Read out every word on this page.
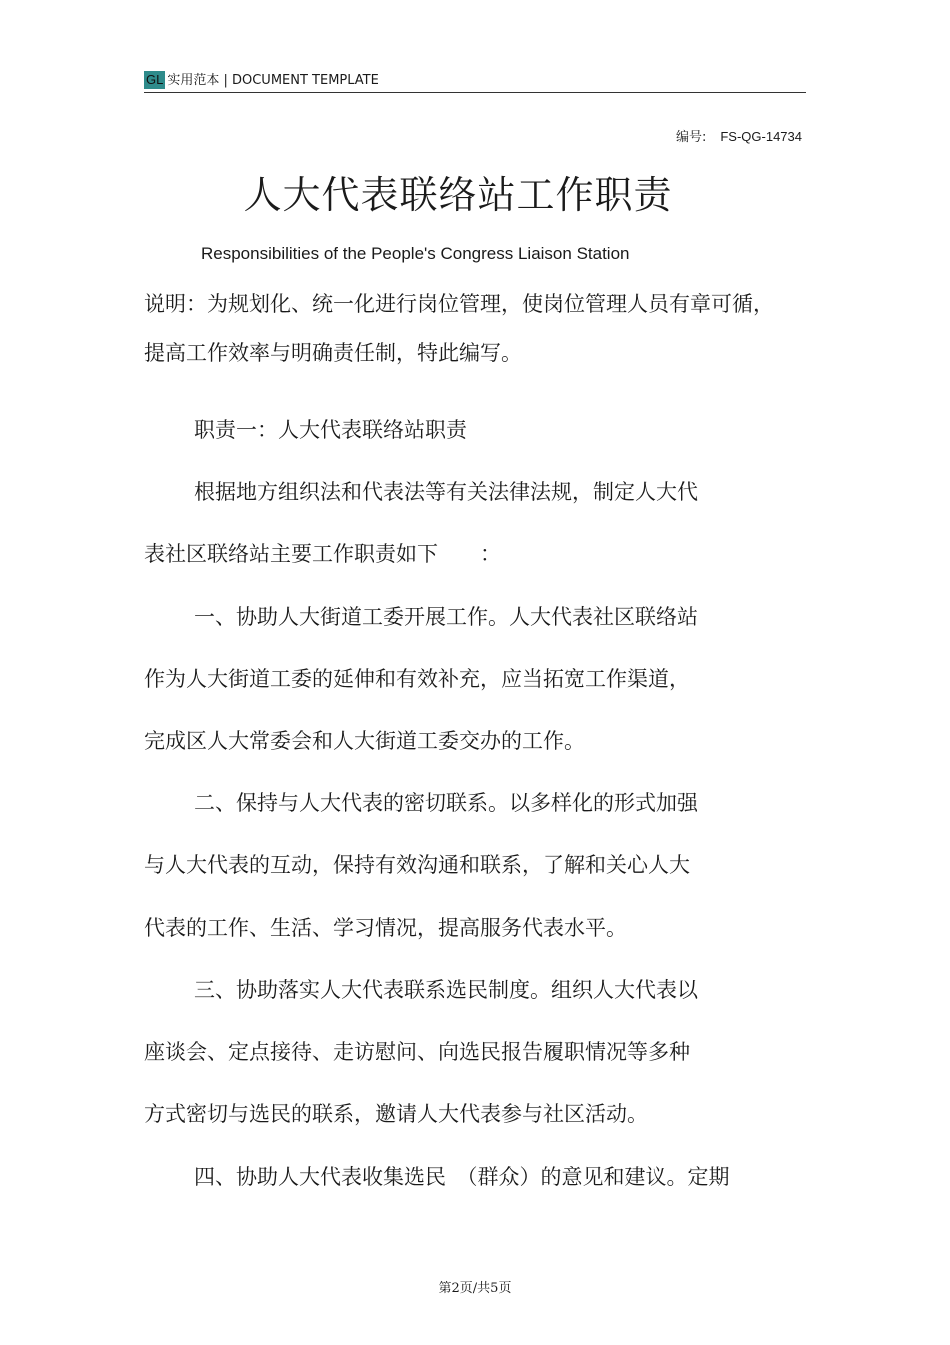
GL 实用范本 | DOCUMENT TEMPLATE
编号: FS-QG-14734
人大代表联络站工作职责
Responsibilities of the People's Congress Liaison Station
说明：为规划化、统一化进行岗位管理，使岗位管理人员有章可循，
提高工作效率与明确责任制，特此编写。
职责一：人大代表联络站职责
根据地方组织法和代表法等有关法律法规，制定人大代
表社区联络站主要工作职责如下　　：
一、协助人大街道工委开展工作。人大代表社区联络站
作为人大街道工委的延伸和有效补充，应当拓宽工作渠道，
完成区人大常委会和人大街道工委交办的工作。
二、保持与人大代表的密切联系。以多样化的形式加强
与人大代表的互动，保持有效沟通和联系，了解和关心人大
代表的工作、生活、学习情况，提高服务代表水平。
三、协助落实人大代表联系选民制度。组织人大代表以
座谈会、定点接待、走访慰问、向选民报告履职情况等多种
方式密切与选民的联系，邀请人大代表参与社区活动。
四、协助人大代表收集选民　（群众）的意见和建议。定期
第2页/共5页
